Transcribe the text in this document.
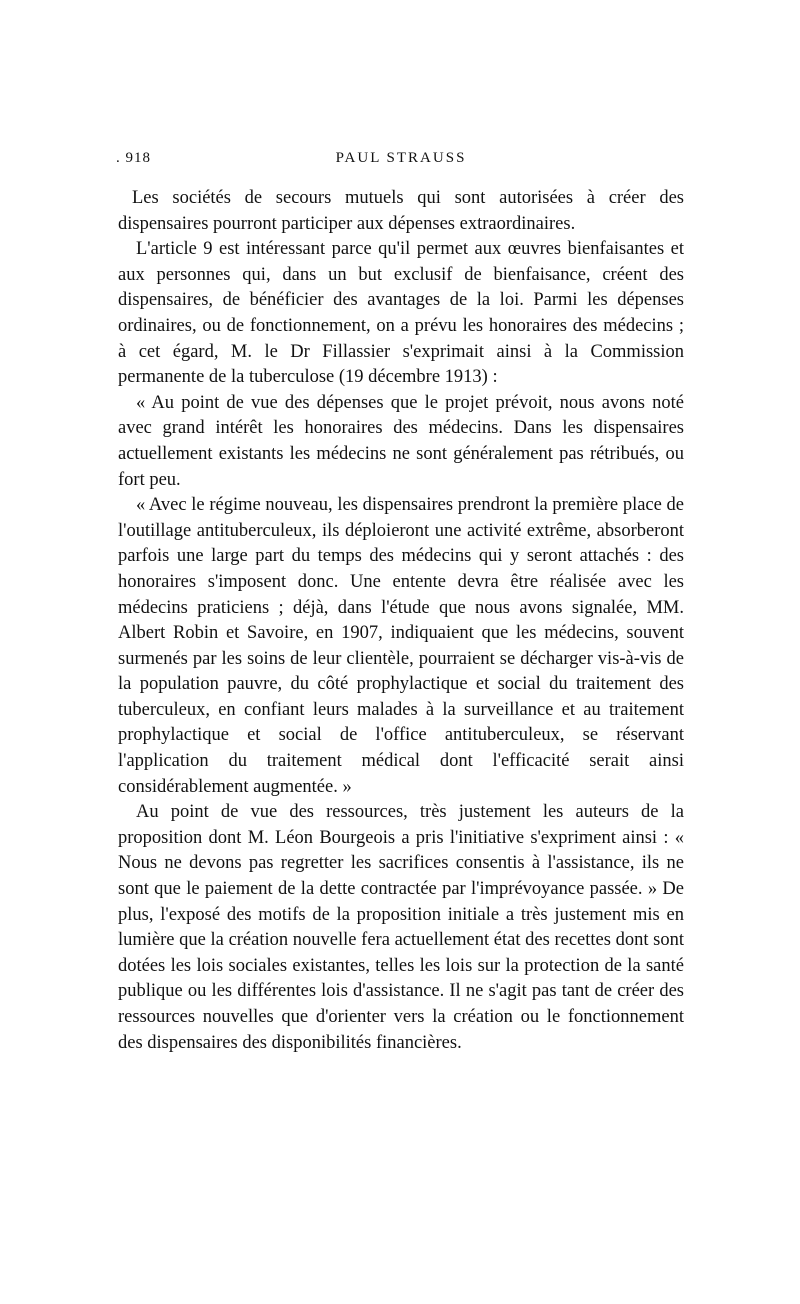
. 918	PAUL STRAUSS

Les sociétés de secours mutuels qui sont autorisées à créer des dispensaires pourront participer aux dépenses extraordinaires.

L'article 9 est intéressant parce qu'il permet aux œuvres bienfaisantes et aux personnes qui, dans un but exclusif de bienfaisance, créent des dispensaires, de bénéficier des avantages de la loi. Parmi les dépenses ordinaires, ou de fonctionnement, on a prévu les honoraires des médecins ; à cet égard, M. le Dr Fillassier s'exprimait ainsi à la Commission permanente de la tuberculose (19 décembre 1913) :

« Au point de vue des dépenses que le projet prévoit, nous avons noté avec grand intérêt les honoraires des médecins. Dans les dispensaires actuellement existants les médecins ne sont généralement pas rétribués, ou fort peu.

« Avec le régime nouveau, les dispensaires prendront la première place de l'outillage antituberculeux, ils déploieront une activité extrême, absorberont parfois une large part du temps des médecins qui y seront attachés : des honoraires s'imposent donc. Une entente devra être réalisée avec les médecins praticiens ; déjà, dans l'étude que nous avons signalée, MM. Albert Robin et Savoire, en 1907, indiquaient que les médecins, souvent surmenés par les soins de leur clientèle, pourraient se décharger vis-à-vis de la population pauvre, du côté prophylactique et social du traitement des tuberculeux, en confiant leurs malades à la surveillance et au traitement prophylactique et social de l'office antituberculeux, se réservant l'application du traitement médical dont l'efficacité serait ainsi considérablement augmentée. »

Au point de vue des ressources, très justement les auteurs de la proposition dont M. Léon Bourgeois a pris l'initiative s'expriment ainsi : « Nous ne devons pas regretter les sacrifices consentis à l'assistance, ils ne sont que le paiement de la dette contractée par l'imprévoyance passée. » De plus, l'exposé des motifs de la proposition initiale a très justement mis en lumière que la création nouvelle fera actuellement état des recettes dont sont dotées les lois sociales existantes, telles les lois sur la protection de la santé publique ou les différentes lois d'assistance. Il ne s'agit pas tant de créer des ressources nouvelles que d'orienter vers la création ou le fonctionnement des dispensaires des disponibilités financières.
